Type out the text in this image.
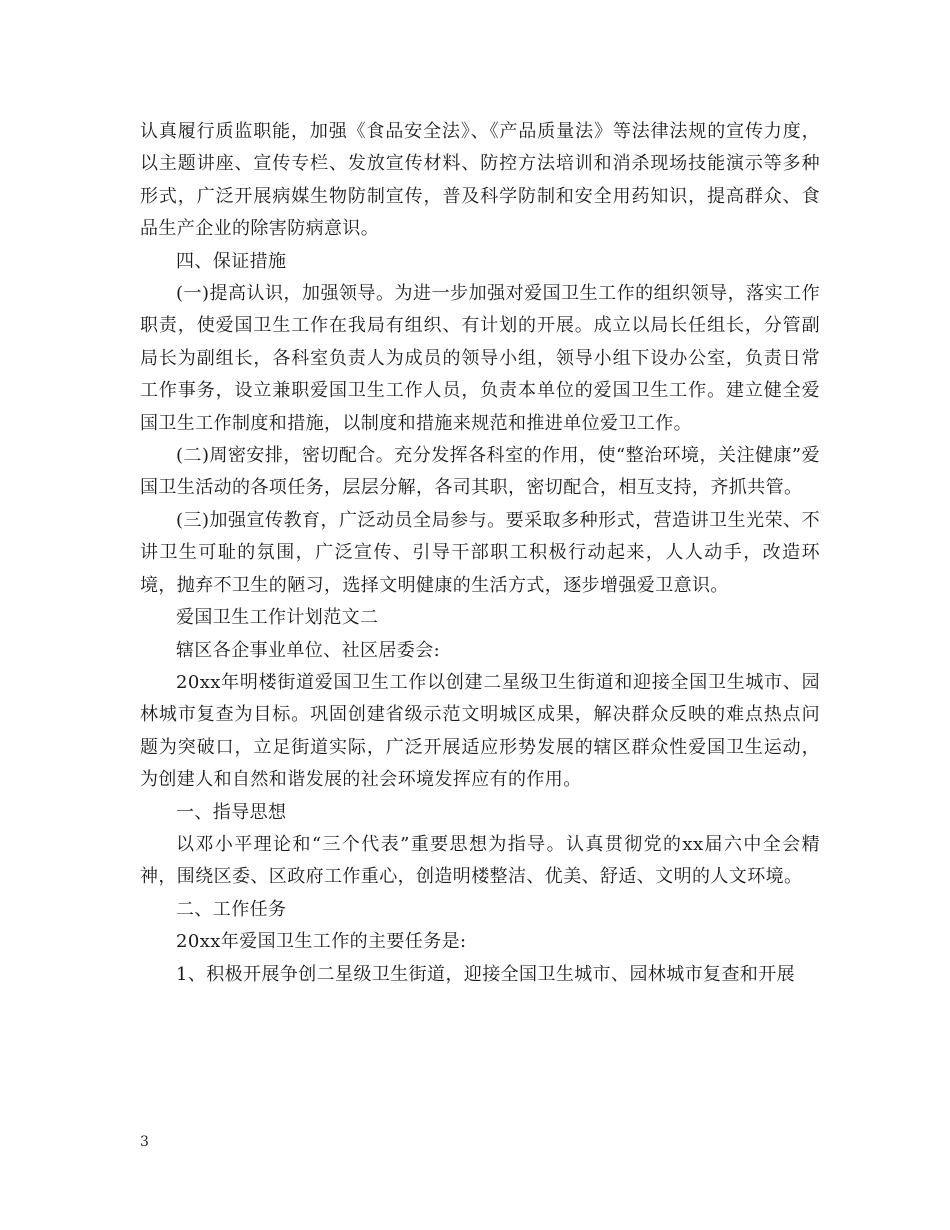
认真履行质监职能，加强《食品安全法》、《产品质量法》等法律法规的宣传力度，以主题讲座、宣传专栏、发放宣传材料、防控方法培训和消杀现场技能演示等多种形式，广泛开展病媒生物防制宣传，普及科学防制和安全用药知识，提高群众、食品生产企业的除害防病意识。

四、保证措施

(一)提高认识，加强领导。为进一步加强对爱国卫生工作的组织领导，落实工作职责，使爱国卫生工作在我局有组织、有计划的开展。成立以局长任组长，分管副局长为副组长，各科室负责人为成员的领导小组，领导小组下设办公室，负责日常工作事务，设立兼职爱国卫生工作人员，负责本单位的爱国卫生工作。建立健全爱国卫生工作制度和措施，以制度和措施来规范和推进单位爱卫工作。

(二)周密安排，密切配合。充分发挥各科室的作用，使“整治环境，关注健康”爱国卫生活动的各项任务，层层分解，各司其职，密切配合，相互支持，齐抓共管。

(三)加强宣传教育，广泛动员全局参与。要采取多种形式，营造讲卫生光荣、不讲卫生可耻的氛围，广泛宣传、引导干部职工积极行动起来，人人动手，改造环境，抛弃不卫生的陋习，选择文明健康的生活方式，逐步增强爱卫意识。

爱国卫生工作计划范文二

辖区各企事业单位、社区居委会:

20xx年明楼街道爱国卫生工作以创建二星级卫生街道和迎接全国卫生城市、园林城市复查为目标。巩固创建省级示范文明城区成果，解决群众反映的难点热点问题为突破口，立足街道实际，广泛开展适应形势发展的辖区群众性爱国卫生运动，为创建人和自然和谐发展的社会环境发挥应有的作用。

一、指导思想

以邓小平理论和“三个代表”重要思想为指导。认真贯彻党的xx届六中全会精神，围绕区委、区政府工作重心，创造明楼整洁、优美、舒适、文明的人文环境。

二、工作任务

20xx年爱国卫生工作的主要任务是:

1、积极开展争创二星级卫生街道，迎接全国卫生城市、园林城市复查和开展

3
